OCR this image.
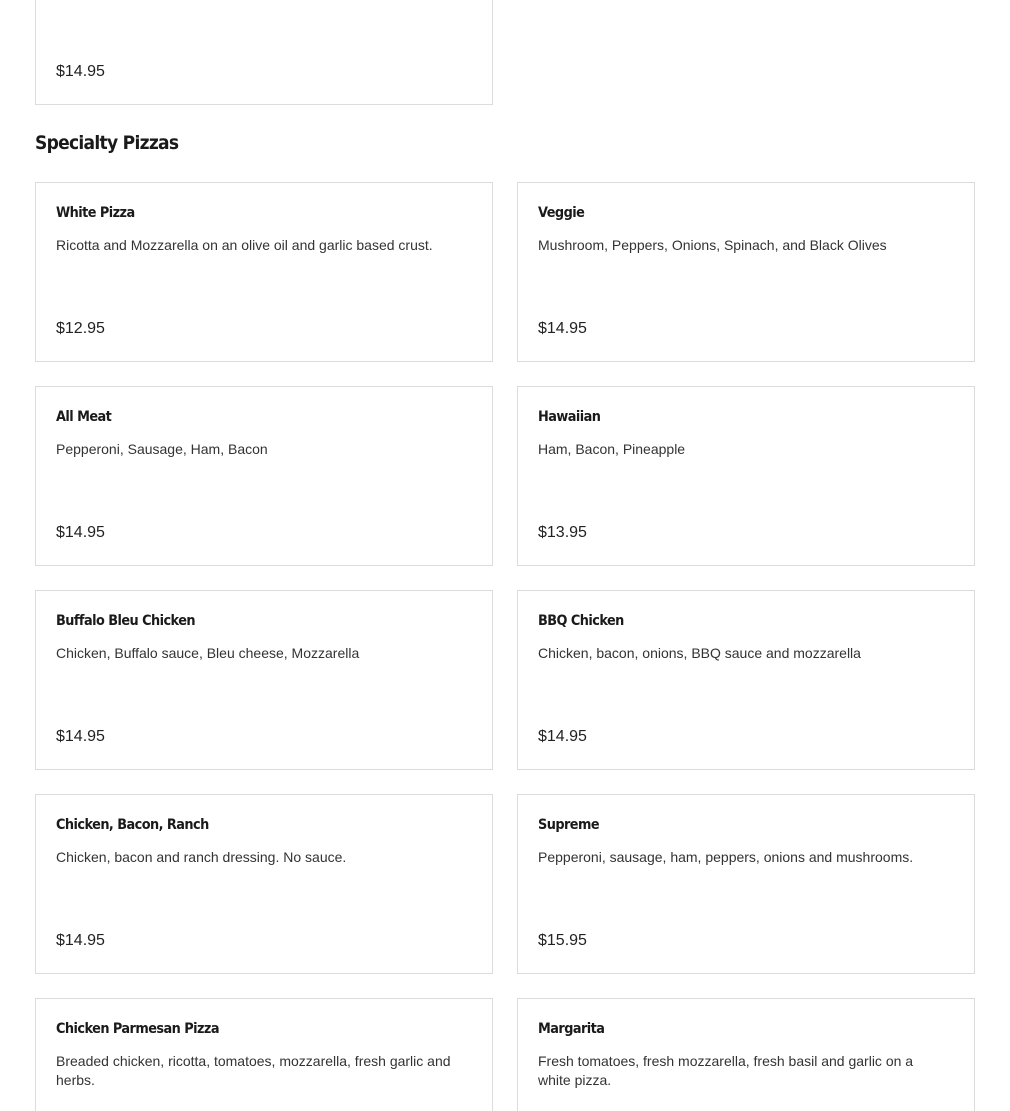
$14.95
Specialty Pizzas
White Pizza
Ricotta and Mozzarella on an olive oil and garlic based crust.
$12.95
Veggie
Mushroom, Peppers, Onions, Spinach, and Black Olives
$14.95
All Meat
Pepperoni, Sausage, Ham, Bacon
$14.95
Hawaiian
Ham, Bacon, Pineapple
$13.95
Buffalo Bleu Chicken
Chicken, Buffalo sauce, Bleu cheese, Mozzarella
$14.95
BBQ Chicken
Chicken, bacon, onions, BBQ sauce and mozzarella
$14.95
Chicken, Bacon, Ranch
Chicken, bacon and ranch dressing. No sauce.
$14.95
Supreme
Pepperoni, sausage, ham, peppers, onions and mushrooms.
$15.95
Chicken Parmesan Pizza
Breaded chicken, ricotta, tomatoes, mozzarella, fresh garlic and herbs.
Margarita
Fresh tomatoes, fresh mozzarella, fresh basil and garlic on a white pizza.
